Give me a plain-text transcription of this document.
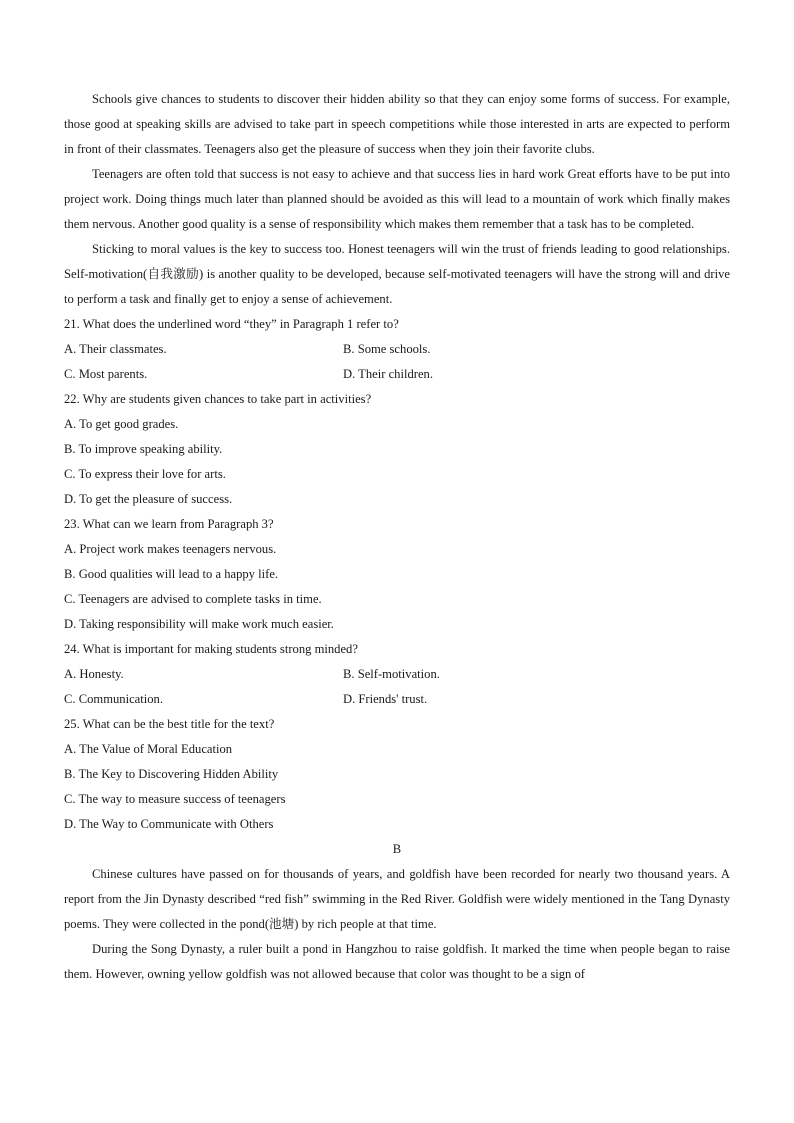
Schools give chances to students to discover their hidden ability so that they can enjoy some forms of success. For example, those good at speaking skills are advised to take part in speech competitions while those interested in arts are expected to perform in front of their classmates. Teenagers also get the pleasure of success when they join their favorite clubs.

Teenagers are often told that success is not easy to achieve and that success lies in hard work Great efforts have to be put into project work. Doing things much later than planned should be avoided as this will lead to a mountain of work which finally makes them nervous. Another good quality is a sense of responsibility which makes them remember that a task has to be completed.

Sticking to moral values is the key to success too. Honest teenagers will win the trust of friends leading to good relationships. Self-motivation(自我激励) is another quality to be developed, because self-motivated teenagers will have the strong will and drive to perform a task and finally get to enjoy a sense of achievement.

21. What does the underlined word “they” in Paragraph 1 refer to?

A. Their classmates.	B. Some schools.
C. Most parents.	D. Their children.

22. Why are students given chances to take part in activities?

A. To get good grades.

B. To improve speaking ability.

C. To express their love for arts.

D. To get the pleasure of success.

23. What can we learn from Paragraph 3?

A. Project work makes teenagers nervous.

B. Good qualities will lead to a happy life.

C. Teenagers are advised to complete tasks in time.

D. Taking responsibility will make work much easier.

24. What is important for making students strong minded?

A. Honesty.	B. Self-motivation.
C. Communication.	D. Friends' trust.

25. What can be the best title for the text?

A. The Value of Moral Education

B. The Key to Discovering Hidden Ability

C. The way to measure success of teenagers

D. The Way to Communicate with Others

B

Chinese cultures have passed on for thousands of years, and goldfish have been recorded for nearly two thousand years. A report from the Jin Dynasty described “red fish” swimming in the Red River. Goldfish were widely mentioned in the Tang Dynasty poems. They were collected in the pond(池塘) by rich people at that time.

During the Song Dynasty, a ruler built a pond in Hangzhou to raise goldfish. It marked the time when people began to raise them. However, owning yellow goldfish was not allowed because that color was thought to be a sign of
